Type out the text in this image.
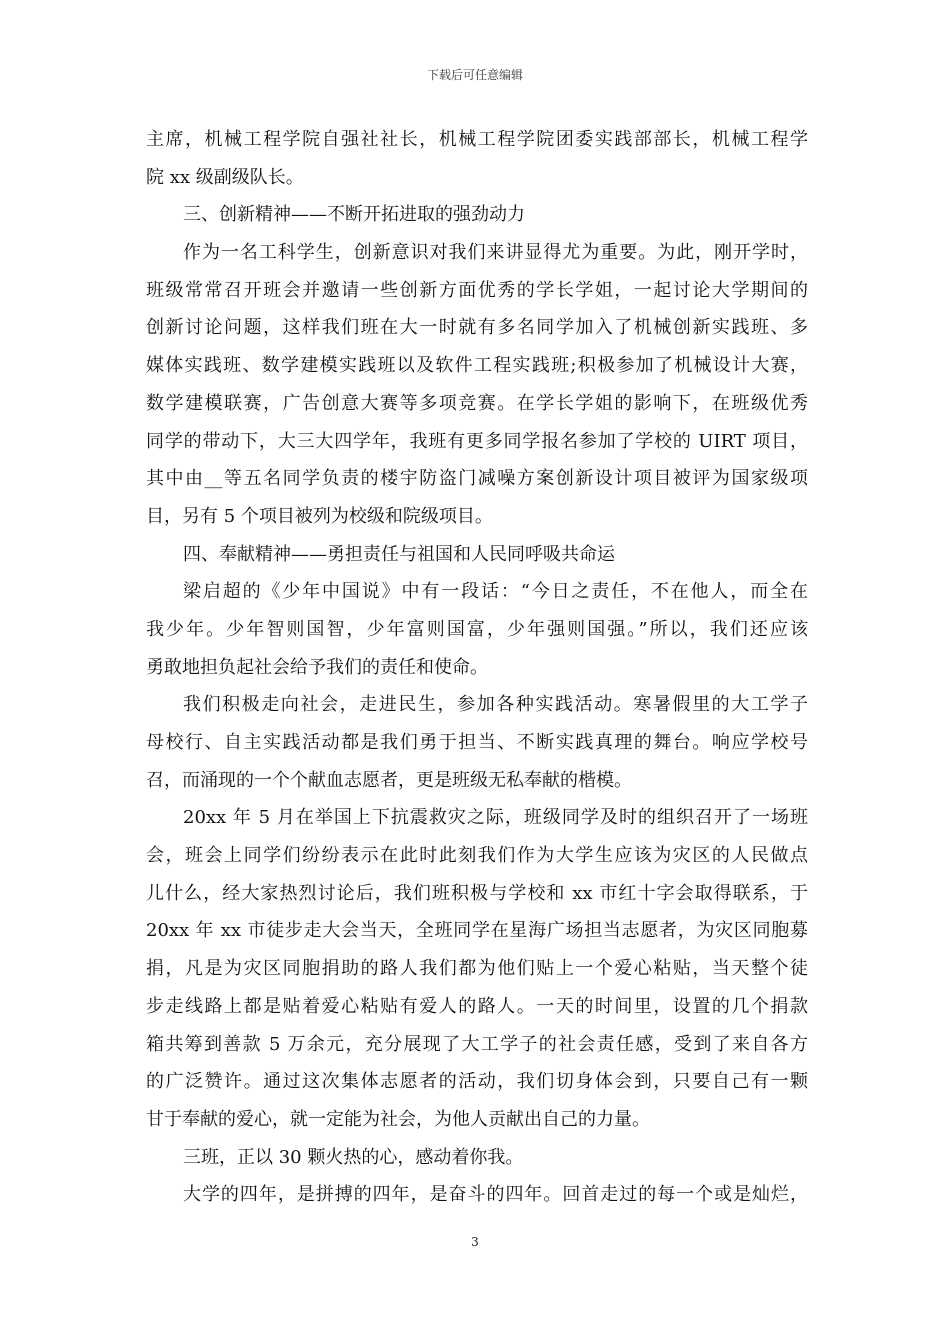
下载后可任意编辑
主席，机械工程学院自强社社长，机械工程学院团委实践部部长，机械工程学
院 xx 级副级队长。
三、创新精神——不断开拓进取的强劲动力
作为一名工科学生，创新意识对我们来讲显得尤为重要。为此，刚开学时，
班级常常召开班会并邀请一些创新方面优秀的学长学姐，一起讨论大学期间的
创新讨论问题，这样我们班在大一时就有多名同学加入了机械创新实践班、多
媒体实践班、数学建模实践班以及软件工程实践班;积极参加了机械设计大赛，
数学建模联赛，广告创意大赛等多项竞赛。在学长学姐的影响下，在班级优秀
同学的带动下，大三大四学年，我班有更多同学报名参加了学校的 UIRT 项目，
其中由__等五名同学负责的楼宇防盗门减噪方案创新设计项目被评为国家级项
目，另有 5 个项目被列为校级和院级项目。
四、奉献精神——勇担责任与祖国和人民同呼吸共命运
梁启超的《少年中国说》中有一段话：“今日之责任，不在他人，而全在
我少年。少年智则国智，少年富则国富，少年强则国强。”所以，我们还应该
勇敢地担负起社会给予我们的责任和使命。
我们积极走向社会，走进民生，参加各种实践活动。寒暑假里的大工学子
母校行、自主实践活动都是我们勇于担当、不断实践真理的舞台。响应学校号
召，而涌现的一个个献血志愿者，更是班级无私奉献的楷模。
20xx 年 5 月在举国上下抗震救灾之际，班级同学及时的组织召开了一场班
会，班会上同学们纷纷表示在此时此刻我们作为大学生应该为灾区的人民做点
儿什么，经大家热烈讨论后，我们班积极与学校和 xx 市红十字会取得联系，于
20xx 年 xx 市徒步走大会当天，全班同学在星海广场担当志愿者，为灾区同胞募
捐，凡是为灾区同胞捐助的路人我们都为他们贴上一个爱心粘贴，当天整个徒
步走线路上都是贴着爱心粘贴有爱人的路人。一天的时间里，设置的几个捐款
箱共筹到善款 5 万余元，充分展现了大工学子的社会责任感，受到了来自各方
的广泛赞许。通过这次集体志愿者的活动，我们切身体会到，只要自己有一颗
甘于奉献的爱心，就一定能为社会，为他人贡献出自己的力量。
三班，正以 30 颗火热的心，感动着你我。
大学的四年，是拼搏的四年，是奋斗的四年。回首走过的每一个或是灿烂，
3
